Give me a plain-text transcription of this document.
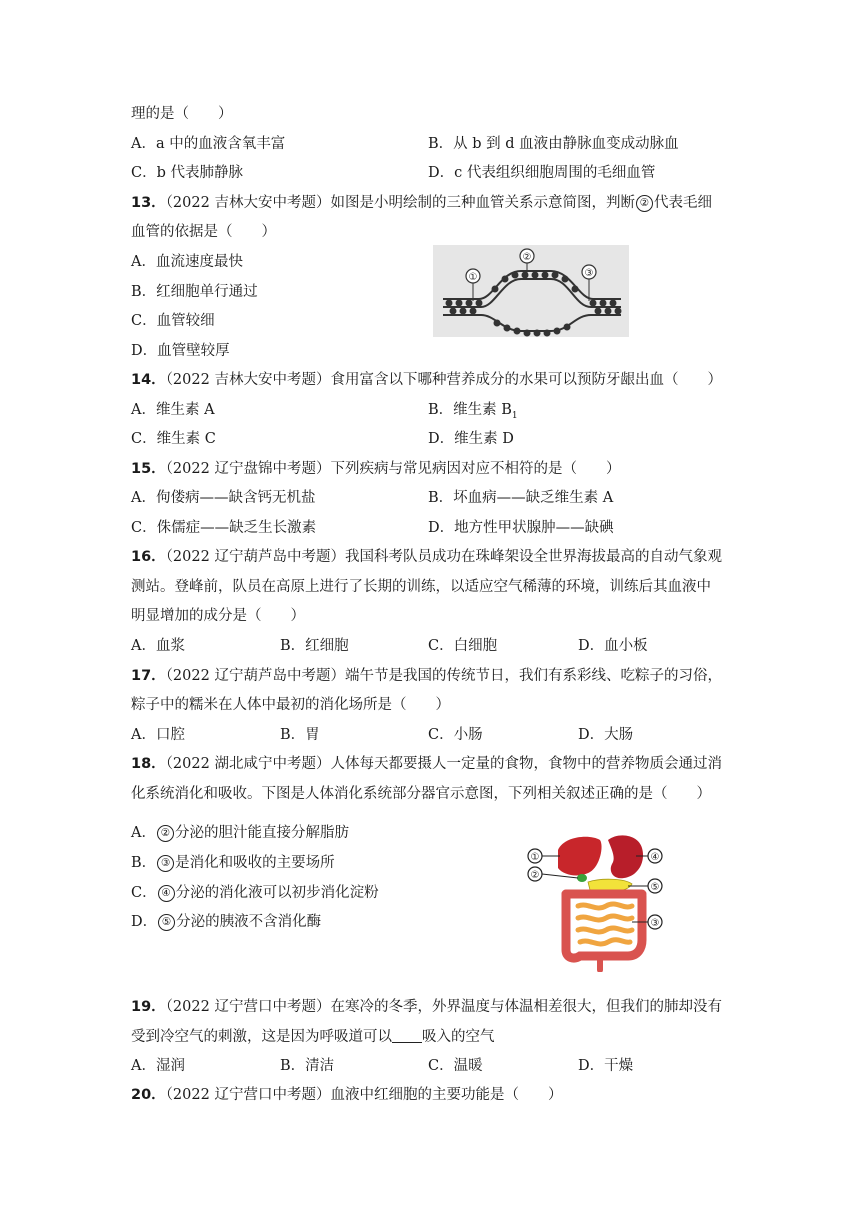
理的是（　　）
A．a 中的血液含氧丰富	B．从 b 到 d 血液由静脉血变成动脉血
C．b 代表肺静脉	D．c 代表组织细胞周围的毛细血管
13．（2022 吉林大安中考题）如图是小明绘制的三种血管关系示意简图，判断 ② 代表毛细
血管的依据是（　　）
A．血流速度最快
B．红细胞单行通过
C．血管较细
D．血管壁较厚
①
②
③
14．（2022 吉林大安中考题）食用富含以下哪种营养成分的水果可以预防牙龈出血（　　）
A．维生素 A	B．维生素 $B_1$
C．维生素 C	D．维生素 D
15．（2022 辽宁盘锦中考题）下列疾病与常见病因对应不相符的是（　　）
A．佝偻病——缺含钙无机盐	B．坏血病——缺乏维生素 A
C．侏儒症——缺乏生长激素	D．地方性甲状腺肿——缺碘
16．（2022 辽宁葫芦岛中考题）我国科考队员成功在珠峰架设全世界海拔最高的自动气象观
测站。登峰前，队员在高原上进行了长期的训练，以适应空气稀薄的环境，训练后其血液中
明显增加的成分是（　　）
A．血浆	B．红细胞	C．白细胞	D．血小板
17．（2022 辽宁葫芦岛中考题）端午节是我国的传统节日，我们有系彩线、吃粽子的习俗，
粽子中的糯米在人体中最初的消化场所是（　　）
A．口腔	B．胃	C．小肠	D．大肠
18．（2022 湖北咸宁中考题）人体每天都要摄人一定量的食物，食物中的营养物质会通过消
化系统消化和吸收。下图是人体消化系统部分器官示意图，下列相关叙述正确的是（　　）
A． ② 分泌的胆汁能直接分解脂肪
B． ③ 是消化和吸收的主要场所
C． ④ 分泌的消化液可以初步消化淀粉
D． ⑤ 分泌的胰液不含消化酶
①
②
④
⑤
③
19．（2022 辽宁营口中考题）在寒冷的冬季，外界温度与体温相差很大，但我们的肺却没有
受到冷空气的刺激，这是因为呼吸道可以 吸入的空气
A．湿润	B．清洁	C．温暖	D．干燥
20．（2022 辽宁营口中考题）血液中红细胞的主要功能是（　　）
